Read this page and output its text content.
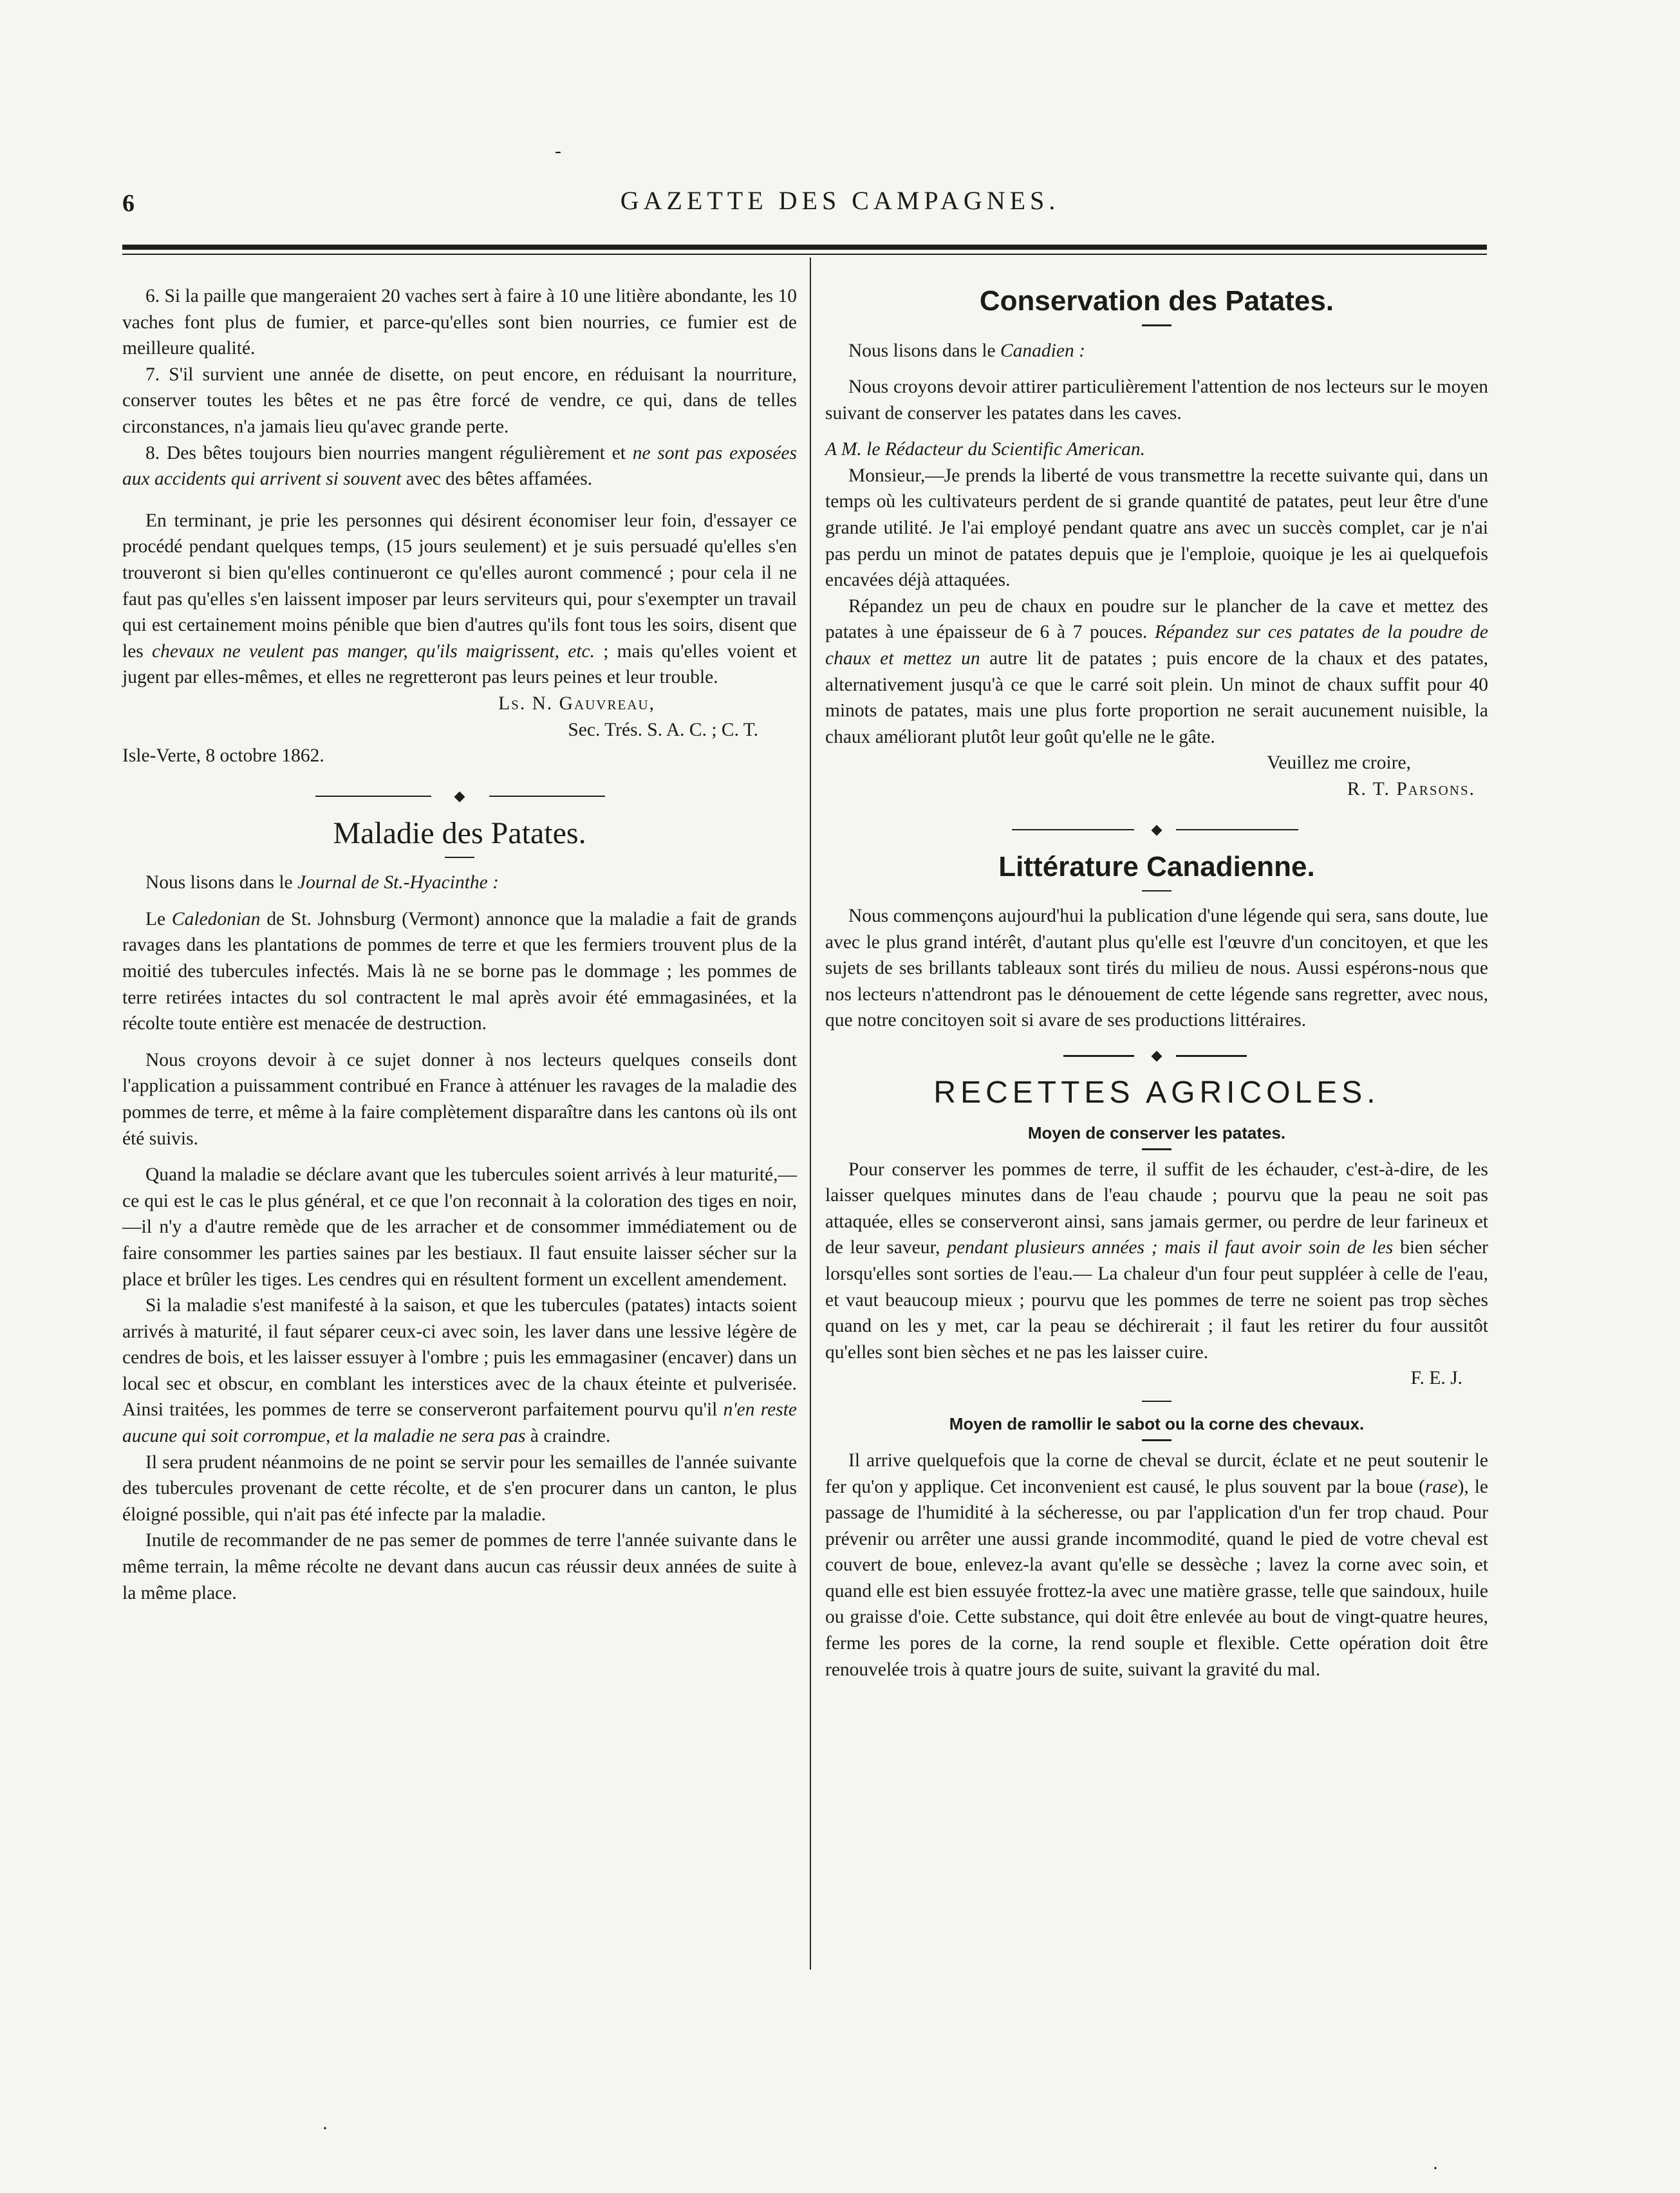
-
6	GAZETTE DES CAMPAGNES.

6. Si la paille que mangeraient 20 vaches sert à faire à 10 une litière abondante, les 10 vaches font plus de fumier, et parce-qu'elles sont bien nourries, ce fumier est de meilleure qualité.

7. S'il survient une année de disette, on peut encore, en réduisant la nourriture, conserver toutes les bêtes et ne pas être forcé de vendre, ce qui, dans de telles circonstances, n'a jamais lieu qu'avec grande perte.

8. Des bêtes toujours bien nourries mangent régulièrement et ne sont pas exposées aux accidents qui arrivent si souvent avec des bêtes affamées.

En terminant, je prie les personnes qui désirent économiser leur foin, d'essayer ce procédé pendant quelques temps, (15 jours seulement) et je suis persuadé qu'elles s'en trouveront si bien qu'elles continueront ce qu'elles auront commencé ; pour cela il ne faut pas qu'elles s'en laissent imposer par leurs serviteurs qui, pour s'exempter un travail qui est certainement moins pénible que bien d'autres qu'ils font tous les soirs, disent que les chevaux ne veulent pas manger, qu'ils maigrissent, etc. ; mais qu'elles voient et jugent par elles-mêmes, et elles ne regretteront pas leurs peines et leur trouble.

Ls. N. Gauvreau,

Sec. Trés. S. A. C. ; C. T.

Isle-Verte, 8 octobre 1862.

Maladie des Patates.

Nous lisons dans le Journal de St.-Hyacinthe :

Le Caledonian de St. Johnsburg (Vermont) annonce que la maladie a fait de grands ravages dans les plantations de pommes de terre et que les fermiers trouvent plus de la moitié des tubercules infectés. Mais là ne se borne pas le dommage ; les pommes de terre retirées intactes du sol contractent le mal après avoir été emmagasinées, et la récolte toute entière est menacée de destruction.

Nous croyons devoir à ce sujet donner à nos lecteurs quelques conseils dont l'application a puissamment contribué en France à atténuer les ravages de la maladie des pommes de terre, et même à la faire complètement disparaître dans les cantons où ils ont été suivis.

Quand la maladie se déclare avant que les tubercules soient arrivés à leur maturité,—ce qui est le cas le plus général, et ce que l'on reconnait à la coloration des tiges en noir,—il n'y a d'autre remède que de les arracher et de consommer immédiatement ou de faire consommer les parties saines par les bestiaux. Il faut ensuite laisser sécher sur la place et brûler les tiges. Les cendres qui en résultent forment un excellent amendement.

Si la maladie s'est manifesté à la saison, et que les tubercules (patates) intacts soient arrivés à maturité, il faut séparer ceux-ci avec soin, les laver dans une lessive légère de cendres de bois, et les laisser essuyer à l'ombre ; puis les emmagasiner (encaver) dans un local sec et obscur, en comblant les interstices avec de la chaux éteinte et pulverisée. Ainsi traitées, les pommes de terre se conserveront parfaitement pourvu qu'il n'en reste aucune qui soit corrompue, et la maladie ne sera pas à craindre.

Il sera prudent néanmoins de ne point se servir pour les semailles de l'année suivante des tubercules provenant de cette récolte, et de s'en procurer dans un canton, le plus éloigné possible, qui n'ait pas été infecte par la maladie.

Inutile de recommander de ne pas semer de pommes de terre l'année suivante dans le même terrain, la même récolte ne devant dans aucun cas réussir deux années de suite à la même place.

Conservation des Patates.

Nous lisons dans le Canadien :

Nous croyons devoir attirer particulièrement l'attention de nos lecteurs sur le moyen suivant de conserver les patates dans les caves.

A M. le Rédacteur du Scientific American.

Monsieur,—Je prends la liberté de vous transmettre la recette suivante qui, dans un temps où les cultivateurs perdent de si grande quantité de patates, peut leur être d'une grande utilité. Je l'ai employé pendant quatre ans avec un succès complet, car je n'ai pas perdu un minot de patates depuis que je l'emploie, quoique je les ai quelquefois encavées déjà attaquées.

Répandez un peu de chaux en poudre sur le plancher de la cave et mettez des patates à une épaisseur de 6 à 7 pouces. Répandez sur ces patates de la poudre de chaux et mettez un autre lit de patates ; puis encore de la chaux et des patates, alternativement jusqu'à ce que le carré soit plein. Un minot de chaux suffit pour 40 minots de patates, mais une plus forte proportion ne serait aucunement nuisible, la chaux améliorant plutôt leur goût qu'elle ne le gâte.

Veuillez me croire,

R. T. Parsons.

Littérature Canadienne.

Nous commençons aujourd'hui la publication d'une légende qui sera, sans doute, lue avec le plus grand intérêt, d'autant plus qu'elle est l'œuvre d'un concitoyen, et que les sujets de ses brillants tableaux sont tirés du milieu de nous. Aussi espérons-nous que nos lecteurs n'attendront pas le dénouement de cette légende sans regretter, avec nous, que notre concitoyen soit si avare de ses productions littéraires.

RECETTES AGRICOLES.
Moyen de conserver les patates.

Pour conserver les pommes de terre, il suffit de les échauder, c'est-à-dire, de les laisser quelques minutes dans de l'eau chaude ; pourvu que la peau ne soit pas attaquée, elles se conserveront ainsi, sans jamais germer, ou perdre de leur farineux et de leur saveur, pendant plusieurs années ; mais il faut avoir soin de les bien sécher lorsqu'elles sont sorties de l'eau.— La chaleur d'un four peut suppléer à celle de l'eau, et vaut beaucoup mieux ; pourvu que les pommes de terre ne soient pas trop sèches quand on les y met, car la peau se déchirerait ; il faut les retirer du four aussitôt qu'elles sont bien sèches et ne pas les laisser cuire.

F. E. J.

Moyen de ramollir le sabot ou la corne des chevaux.

Il arrive quelquefois que la corne de cheval se durcit, éclate et ne peut soutenir le fer qu'on y applique. Cet inconvenient est causé, le plus souvent par la boue (rase), le passage de l'humidité à la sécheresse, ou par l'application d'un fer trop chaud. Pour prévenir ou arrêter une aussi grande incommodité, quand le pied de votre cheval est couvert de boue, enlevez-la avant qu'elle se dessèche ; lavez la corne avec soin, et quand elle est bien essuyée frottez-la avec une matière grasse, telle que saindoux, huile ou graisse d'oie. Cette substance, qui doit être enlevée au bout de vingt-quatre heures, ferme les pores de la corne, la rend souple et flexible. Cette opération doit être renouvelée trois à quatre jours de suite, suivant la gravité du mal.

·
·
